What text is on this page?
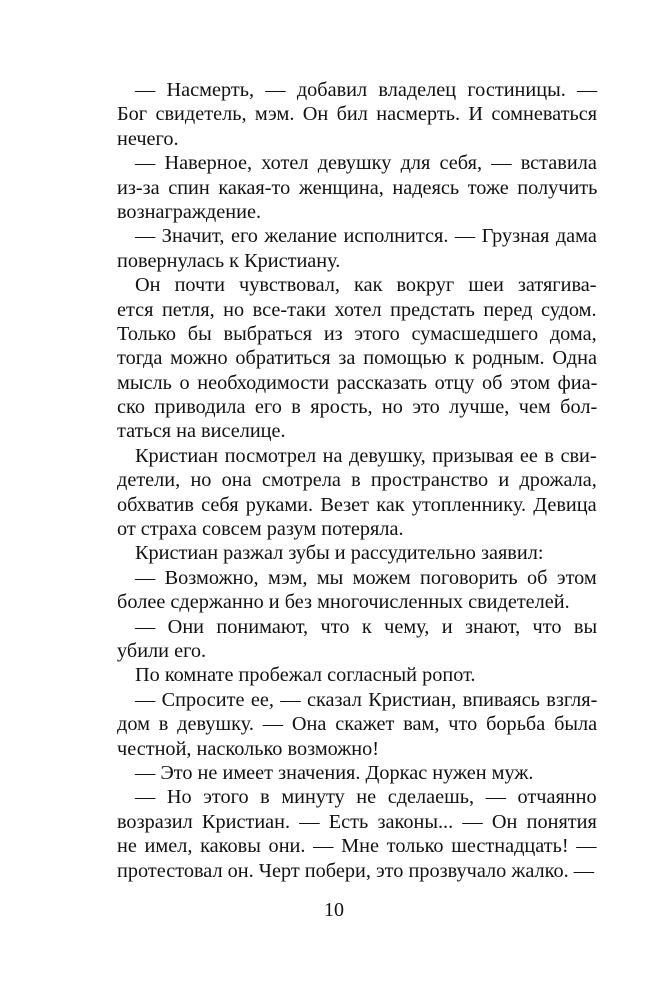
— Насмерть, — добавил владелец гостиницы. —
Бог свидетель, мэм. Он бил насмерть. И сомневаться
нечего.
— Наверное, хотел девушку для себя, — вставила
из-за спин какая-то женщина, надеясь тоже получить
вознаграждение.
— Значит, его желание исполнится. — Грузная дама
повернулась к Кристиану.
Он почти чувствовал, как вокруг шеи затягива-
ется петля, но все-таки хотел предстать перед судом.
Только бы выбраться из этого сумасшедшего дома,
тогда можно обратиться за помощью к родным. Одна
мысль о необходимости рассказать отцу об этом фиа-
ско приводила его в ярость, но это лучше, чем бол-
таться на виселице.
Кристиан посмотрел на девушку, призывая ее в сви-
детели, но она смотрела в пространство и дрожала,
обхватив себя руками. Везет как утопленнику. Девица
от страха совсем разум потеряла.
Кристиан разжал зубы и рассудительно заявил:
— Возможно, мэм, мы можем поговорить об этом
более сдержанно и без многочисленных свидетелей.
— Они понимают, что к чему, и знают, что вы
убили его.
По комнате пробежал согласный ропот.
— Спросите ее, — сказал Кристиан, впиваясь взгля-
дом в девушку. — Она скажет вам, что борьба была
честной, насколько возможно!
— Это не имеет значения. Доркас нужен муж.
— Но этого в минуту не сделаешь, — отчаянно
возразил Кристиан. — Есть законы... — Он понятия
не имел, каковы они. — Мне только шестнадцать! —
протестовал он. Черт побери, это прозвучало жалко. —
10
